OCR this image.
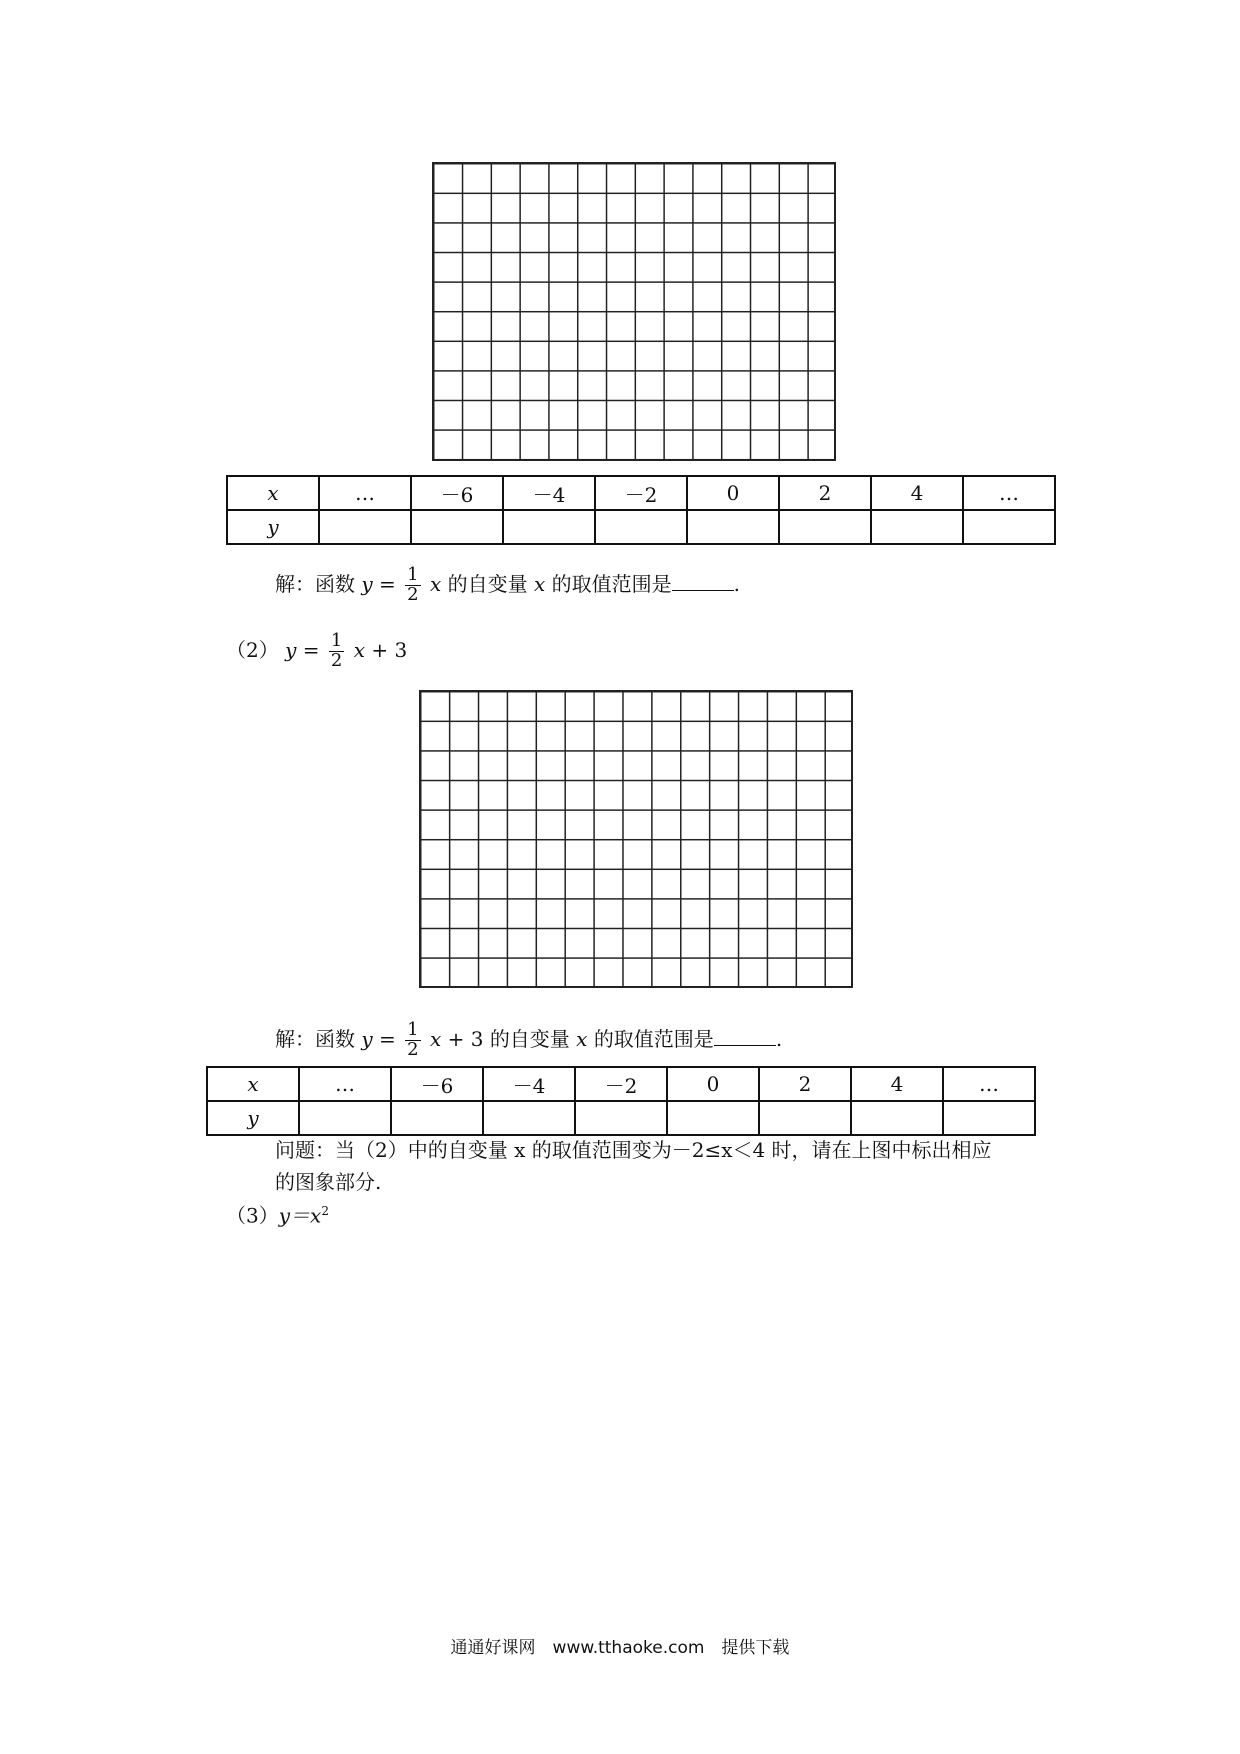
x	…	－6	－4	－2	0	2	4	…
y								
解：函数 $y = \frac{1}{2}$ x 的自变量 x 的取值范围是	.
（2） $y = \frac{1}{2}$ x + 3
解：函数 $y = \frac{1}{2}$ x + 3 的自变量 x 的取值范围是	.
x	…	－6	－4	－2	0	2	4	…
y								
问题：当（2）中的自变量 x 的取值范围变为－2≤x＜4 时，请在上图中标出相应
的图象部分.
$(3)y=x^2$
通通好课网　www.tthaoke.com　提供下载
